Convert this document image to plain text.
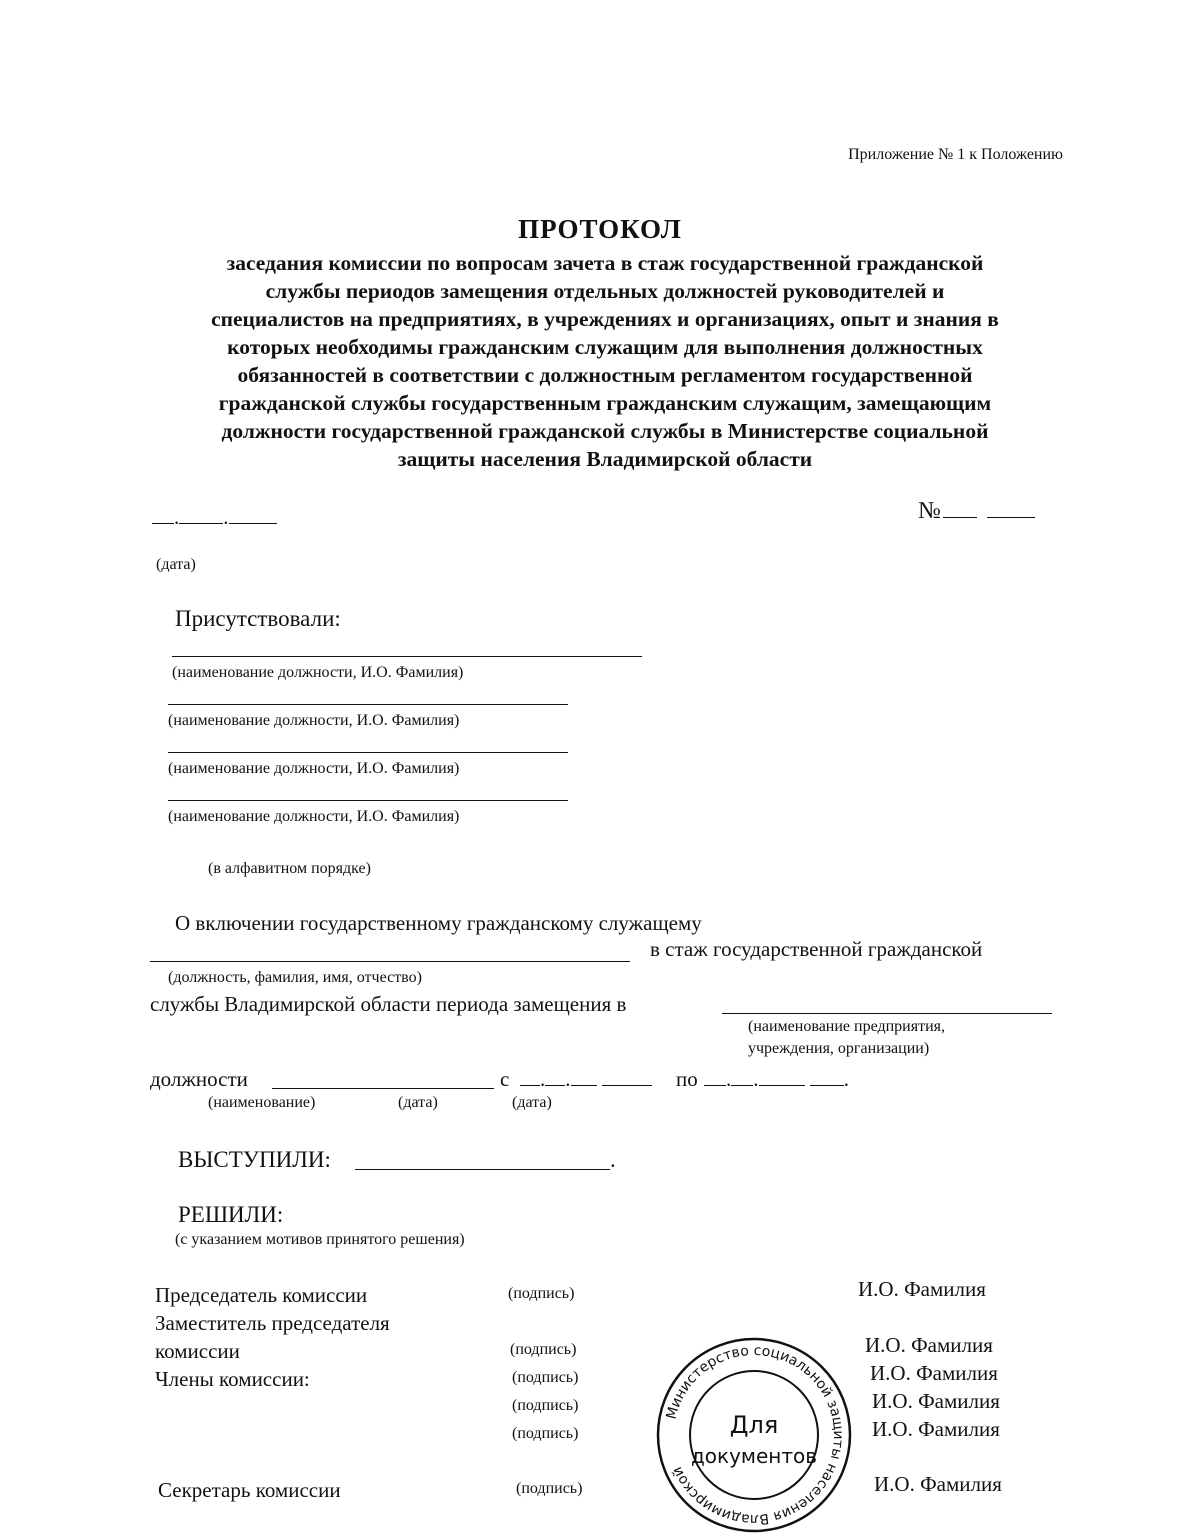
Приложение № 1 к Положению
ПРОТОКОЛ
заседания комиссии по вопросам зачета в стаж государственной гражданской
службы периодов замещения отдельных должностей руководителей и
специалистов на предприятиях, в учреждениях и организациях, опыт и знания в
которых необходимы гражданским служащим для выполнения должностных
обязанностей в соответствии с должностным регламентом государственной
гражданской службы государственным гражданским служащим, замещающим
должности государственной гражданской службы в Министерстве социальной
защиты населения Владимирской области
. .
(дата)
№
Присутствовали:
(наименование должности, И.О. Фамилия)
(наименование должности, И.О. Фамилия)
(наименование должности, И.О. Фамилия)
(наименование должности, И.О. Фамилия)
(в алфавитном порядке)
О включении государственному гражданскому служащему
в стаж государственной гражданской
(должность, фамилия, имя, отчество)
службы Владимирской области периода замещения в
(наименование предприятия,
учреждения, организации)
должности	с	. .	по	. .	.
(наименование)	(дата)	(дата)
ВЫСТУПИЛИ:	.
РЕШИЛИ:
(с указанием мотивов принятого решения)
Председатель комиссии	(подпись)	И.О. Фамилия
Заместитель председателя
комиссии	(подпись)	И.О. Фамилия
Члены комиссии:	(подпись)	И.О. Фамилия
(подпись)	И.О. Фамилия
(подпись)	И.О. Фамилия
Секретарь комиссии	(подпись)	И.О. Фамилия
Министерство социальной защиты населения Владимирской
Для
документов
